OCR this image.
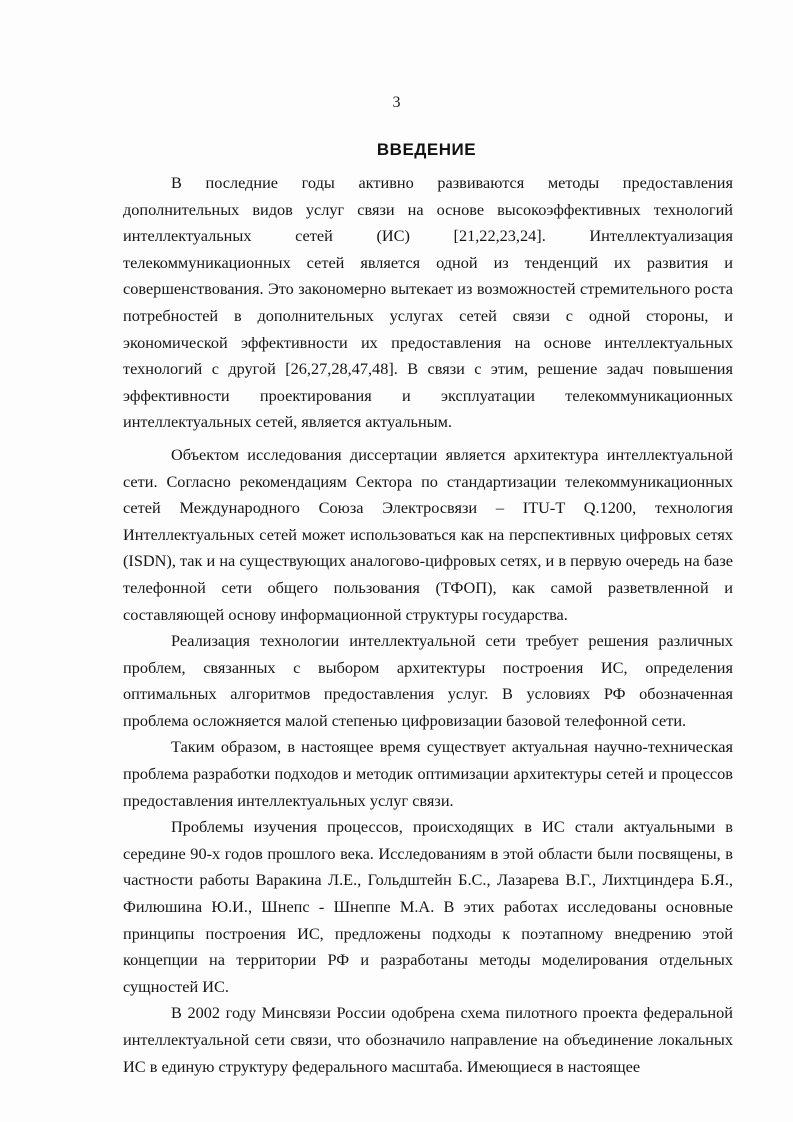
3
ВВЕДЕНИЕ

В последние годы активно развиваются методы предоставления дополнительных видов услуг связи на основе высокоэффективных технологий интеллектуальных сетей (ИС) [21,22,23,24]. Интеллектуализация телекоммуникационных сетей является одной из тенденций их развития и совершенствования. Это закономерно вытекает из возможностей стремительного роста потребностей в дополнительных услугах сетей связи с одной стороны, и экономической эффективности их предоставления на основе интеллектуальных технологий с другой [26,27,28,47,48]. В связи с этим, решение задач повышения эффективности проектирования и эксплуатации телекоммуникационных интеллектуальных сетей, является актуальным.

Объектом исследования диссертации является архитектура интеллектуальной сети. Согласно рекомендациям Сектора по стандартизации телекоммуникационных сетей Международного Союза Электросвязи – ITU-T Q.1200, технология Интеллектуальных сетей может использоваться как на перспективных цифровых сетях (ISDN), так и на существующих аналогово-цифровых сетях, и в первую очередь на базе телефонной сети общего пользования (ТФОП), как самой разветвленной и составляющей основу информационной структуры государства.

Реализация технологии интеллектуальной сети требует решения различных проблем, связанных с выбором архитектуры построения ИС, определения оптимальных алгоритмов предоставления услуг. В условиях РФ обозначенная проблема осложняется малой степенью цифровизации базовой телефонной сети.

Таким образом, в настоящее время существует актуальная научно-техническая проблема разработки подходов и методик оптимизации архитектуры сетей и процессов предоставления интеллектуальных услуг связи.

Проблемы изучения процессов, происходящих в ИС стали актуальными в середине 90-х годов прошлого века. Исследованиям в этой области были посвящены, в частности работы Варакина Л.Е., Гольдштейн Б.С., Лазарева В.Г., Лихтциндера Б.Я., Филюшина Ю.И., Шнепс - Шнеппе М.А. В этих работах исследованы основные принципы построения ИС, предложены подходы к поэтапному внедрению этой концепции на территории РФ и разработаны методы моделирования отдельных сущностей ИС.

В 2002 году Минсвязи России одобрена схема пилотного проекта федеральной интеллектуальной сети связи, что обозначило направление на объединение локальных ИС в единую структуру федерального масштаба. Имеющиеся в настоящее
